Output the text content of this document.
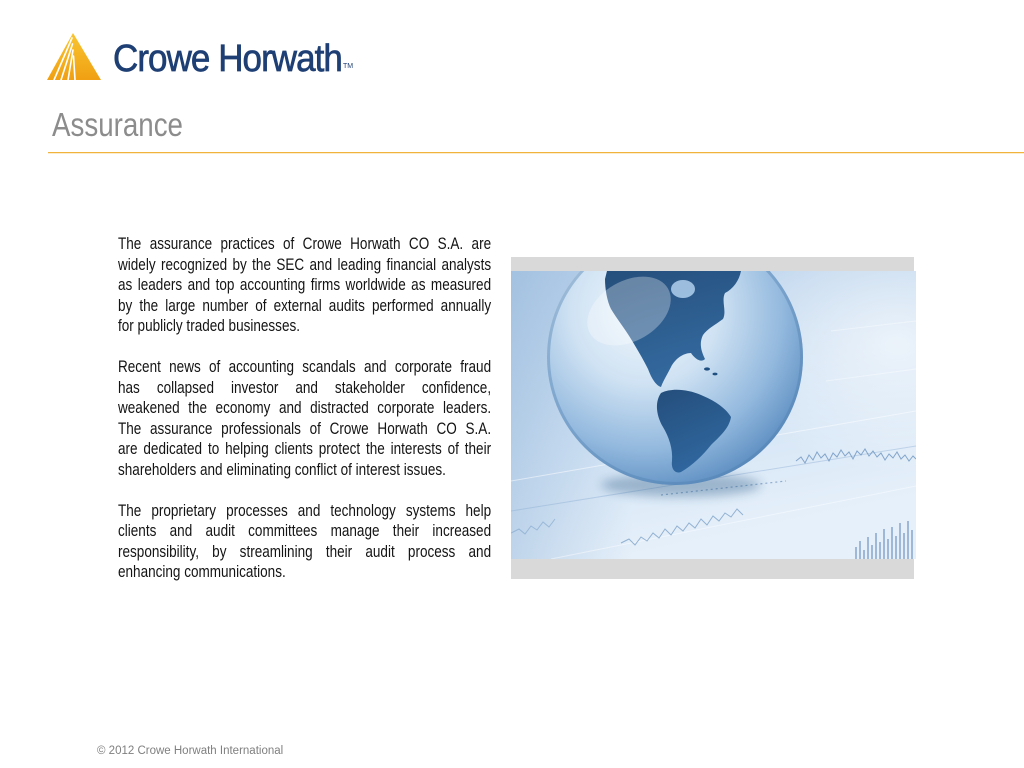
Crowe Horwath TM
Assurance
The assurance practices of Crowe Horwath CO S.A. are
widely recognized by the SEC and leading financial analysts
as leaders and top accounting firms worldwide as measured
by the large number of external audits performed annually
for publicly traded businesses.
Recent news of accounting scandals and corporate fraud
has collapsed investor and stakeholder confidence,
weakened the economy and distracted corporate leaders.
The assurance professionals of Crowe Horwath CO S.A.
are dedicated to helping clients protect the interests of their
shareholders and eliminating conflict of interest issues.
The proprietary processes and technology systems help
clients and audit committees manage their increased
responsibility, by streamlining their audit process and
enhancing communications.
© 2012 Crowe Horwath International
